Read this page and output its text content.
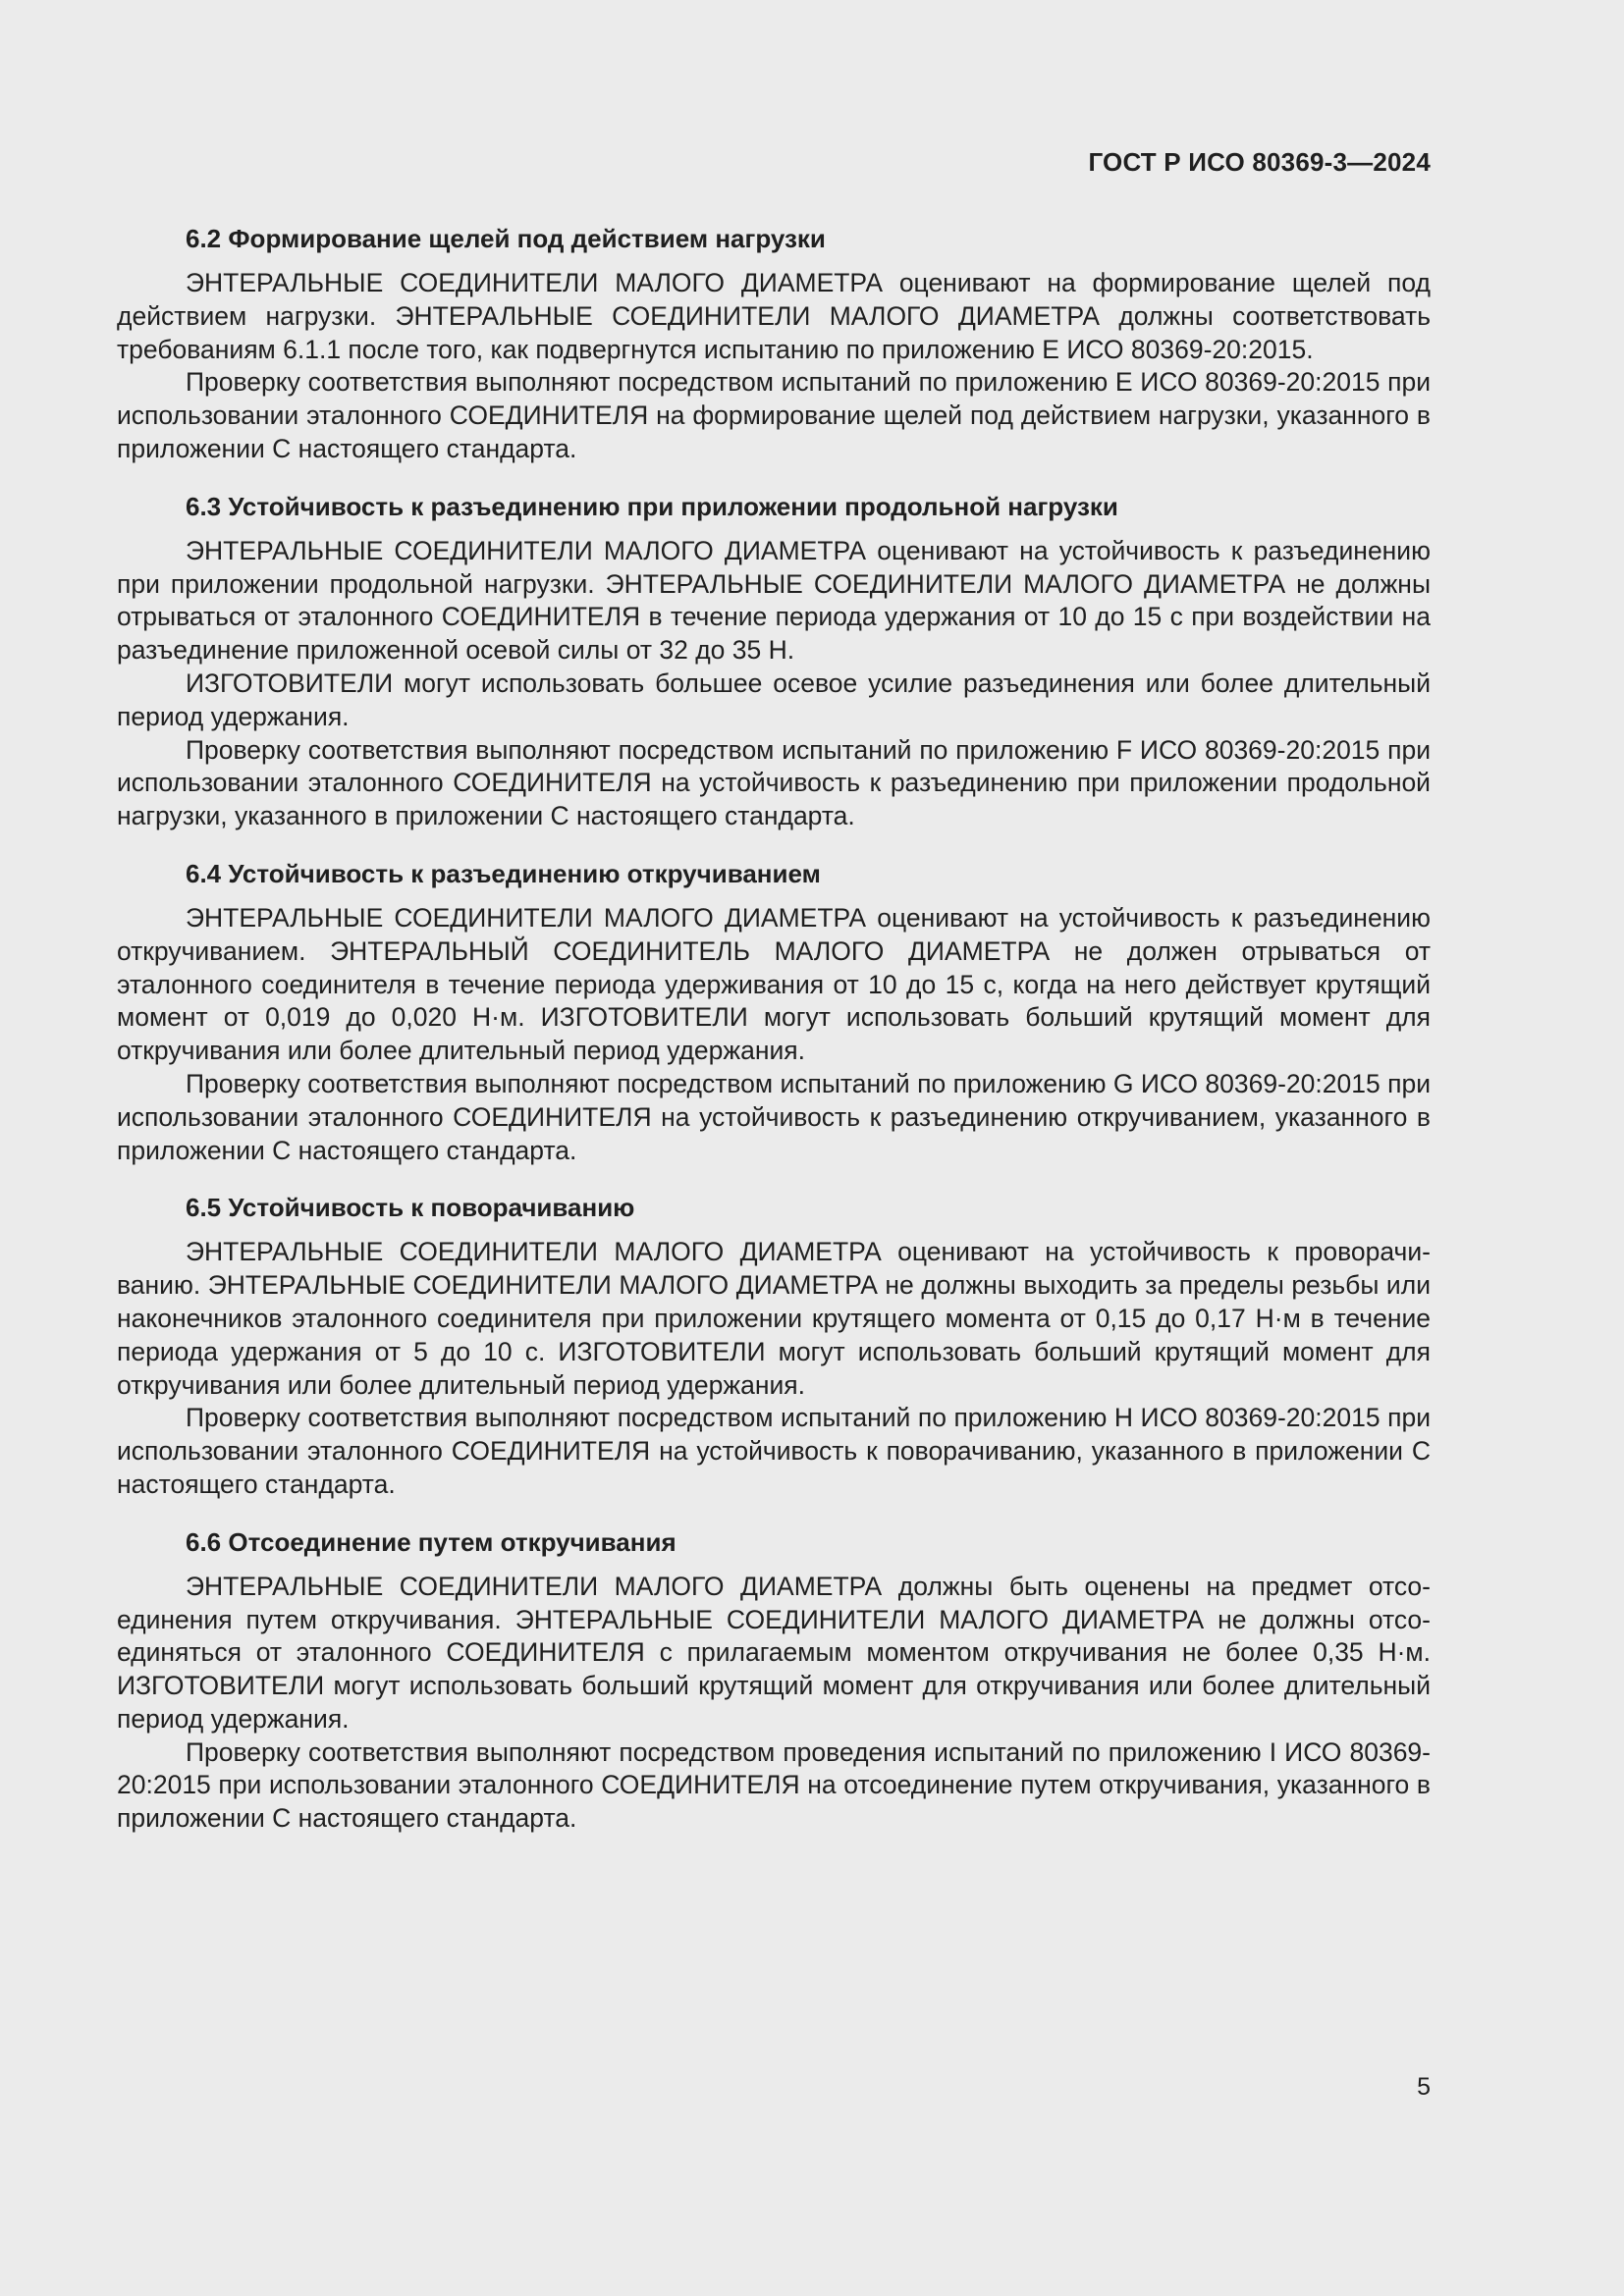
ГОСТ Р ИСО 80369-3—2024

6.2 Формирование щелей под действием нагрузки

ЭНТЕРАЛЬНЫЕ СОЕДИНИТЕЛИ МАЛОГО ДИАМЕТРА оценивают на формирование щелей под действием нагрузки. ЭНТЕРАЛЬНЫЕ СОЕДИНИТЕЛИ МАЛОГО ДИАМЕТРА должны соответствовать требованиям 6.1.1 после того, как подвергнутся испытанию по приложению Е ИСО 80369-20:2015.

Проверку соответствия выполняют посредством испытаний по приложению Е ИСО 80369-20:2015 при использовании эталонного СОЕДИНИТЕЛЯ на формирование щелей под действием нагрузки, указанного в приложении С настоящего стандарта.

6.3 Устойчивость к разъединению при приложении продольной нагрузки

ЭНТЕРАЛЬНЫЕ СОЕДИНИТЕЛИ МАЛОГО ДИАМЕТРА оценивают на устойчивость к разъединению при приложении продольной нагрузки. ЭНТЕРАЛЬНЫЕ СОЕДИНИТЕЛИ МАЛОГО ДИАМЕТРА не должны отрываться от эталонного СОЕДИНИТЕЛЯ в течение периода удержания от 10 до 15 с при воздействии на разъединение приложенной осевой силы от 32 до 35 Н.

ИЗГОТОВИТЕЛИ могут использовать большее осевое усилие разъединения или более длительный период удержания.

Проверку соответствия выполняют посредством испытаний по приложению F ИСО 80369-20:2015 при использовании эталонного СОЕДИНИТЕЛЯ на устойчивость к разъединению при приложении продольной нагрузки, указанного в приложении С настоящего стандарта.

6.4 Устойчивость к разъединению откручиванием

ЭНТЕРАЛЬНЫЕ СОЕДИНИТЕЛИ МАЛОГО ДИАМЕТРА оценивают на устойчивость к разъединению откручиванием. ЭНТЕРАЛЬНЫЙ СОЕДИНИТЕЛЬ МАЛОГО ДИАМЕТРА не должен отрываться от эталонного соединителя в течение периода удерживания от 10 до 15 с, когда на него действует крутящий момент от 0,019 до 0,020 Н·м. ИЗГОТОВИТЕЛИ могут использовать больший крутящий момент для откручивания или более длительный период удержания.

Проверку соответствия выполняют посредством испытаний по приложению G ИСО 80369-20:2015 при использовании эталонного СОЕДИНИТЕЛЯ на устойчивость к разъединению откручиванием, указанного в приложении С настоящего стандарта.

6.5 Устойчивость к поворачиванию

ЭНТЕРАЛЬНЫЕ СОЕДИНИТЕЛИ МАЛОГО ДИАМЕТРА оценивают на устойчивость к проворачиванию. ЭНТЕРАЛЬНЫЕ СОЕДИНИТЕЛИ МАЛОГО ДИАМЕТРА не должны выходить за пределы резьбы или наконечников эталонного соединителя при приложении крутящего момента от 0,15 до 0,17 Н·м в течение периода удержания от 5 до 10 с. ИЗГОТОВИТЕЛИ могут использовать больший крутящий момент для откручивания или более длительный период удержания.

Проверку соответствия выполняют посредством испытаний по приложению Н ИСО 80369-20:2015 при использовании эталонного СОЕДИНИТЕЛЯ на устойчивость к поворачиванию, указанного в приложении С настоящего стандарта.

6.6 Отсоединение путем откручивания

ЭНТЕРАЛЬНЫЕ СОЕДИНИТЕЛИ МАЛОГО ДИАМЕТРА должны быть оценены на предмет отсоединения путем откручивания. ЭНТЕРАЛЬНЫЕ СОЕДИНИТЕЛИ МАЛОГО ДИАМЕТРА не должны отсоединяться от эталонного СОЕДИНИТЕЛЯ с прилагаемым моментом откручивания не более 0,35 Н·м. ИЗГОТОВИТЕЛИ могут использовать больший крутящий момент для откручивания или более длительный период удержания.

Проверку соответствия выполняют посредством проведения испытаний по приложению I ИСО 80369-20:2015 при использовании эталонного СОЕДИНИТЕЛЯ на отсоединение путем откручивания, указанного в приложении С настоящего стандарта.

5
